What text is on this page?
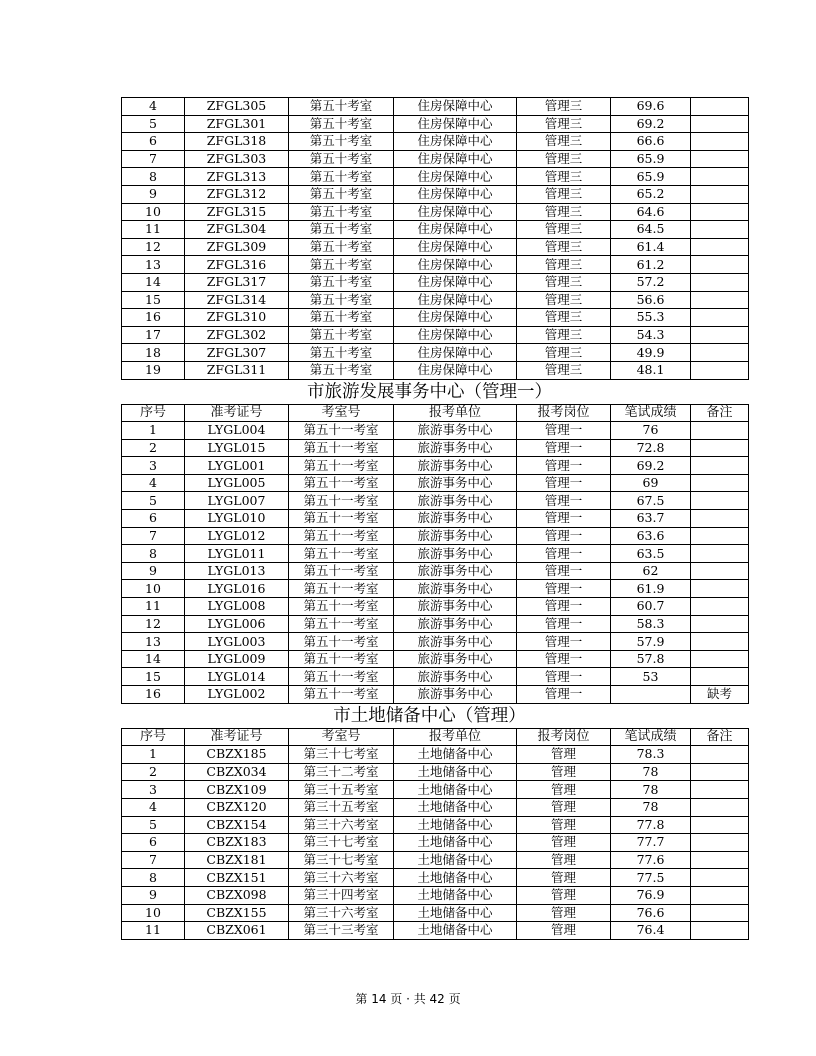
4	ZFGL305	第五十考室	住房保障中心	管理三	69.6	
5	ZFGL301	第五十考室	住房保障中心	管理三	69.2	
6	ZFGL318	第五十考室	住房保障中心	管理三	66.6	
7	ZFGL303	第五十考室	住房保障中心	管理三	65.9	
8	ZFGL313	第五十考室	住房保障中心	管理三	65.9	
9	ZFGL312	第五十考室	住房保障中心	管理三	65.2	
10	ZFGL315	第五十考室	住房保障中心	管理三	64.6	
11	ZFGL304	第五十考室	住房保障中心	管理三	64.5	
12	ZFGL309	第五十考室	住房保障中心	管理三	61.4	
13	ZFGL316	第五十考室	住房保障中心	管理三	61.2	
14	ZFGL317	第五十考室	住房保障中心	管理三	57.2	
15	ZFGL314	第五十考室	住房保障中心	管理三	56.6	
16	ZFGL310	第五十考室	住房保障中心	管理三	55.3	
17	ZFGL302	第五十考室	住房保障中心	管理三	54.3	
18	ZFGL307	第五十考室	住房保障中心	管理三	49.9	
19	ZFGL311	第五十考室	住房保障中心	管理三	48.1	
市旅游发展事务中心（管理一）
序号	准考证号	考室号	报考单位	报考岗位	笔试成绩	备注
1	LYGL004	第五十一考室	旅游事务中心	管理一	76	
2	LYGL015	第五十一考室	旅游事务中心	管理一	72.8	
3	LYGL001	第五十一考室	旅游事务中心	管理一	69.2	
4	LYGL005	第五十一考室	旅游事务中心	管理一	69	
5	LYGL007	第五十一考室	旅游事务中心	管理一	67.5	
6	LYGL010	第五十一考室	旅游事务中心	管理一	63.7	
7	LYGL012	第五十一考室	旅游事务中心	管理一	63.6	
8	LYGL011	第五十一考室	旅游事务中心	管理一	63.5	
9	LYGL013	第五十一考室	旅游事务中心	管理一	62	
10	LYGL016	第五十一考室	旅游事务中心	管理一	61.9	
11	LYGL008	第五十一考室	旅游事务中心	管理一	60.7	
12	LYGL006	第五十一考室	旅游事务中心	管理一	58.3	
13	LYGL003	第五十一考室	旅游事务中心	管理一	57.9	
14	LYGL009	第五十一考室	旅游事务中心	管理一	57.8	
15	LYGL014	第五十一考室	旅游事务中心	管理一	53	
16	LYGL002	第五十一考室	旅游事务中心	管理一		缺考
市土地储备中心（管理）
序号	准考证号	考室号	报考单位	报考岗位	笔试成绩	备注
1	CBZX185	第三十七考室	土地储备中心	管理	78.3	
2	CBZX034	第三十二考室	土地储备中心	管理	78	
3	CBZX109	第三十五考室	土地储备中心	管理	78	
4	CBZX120	第三十五考室	土地储备中心	管理	78	
5	CBZX154	第三十六考室	土地储备中心	管理	77.8	
6	CBZX183	第三十七考室	土地储备中心	管理	77.7	
7	CBZX181	第三十七考室	土地储备中心	管理	77.6	
8	CBZX151	第三十六考室	土地储备中心	管理	77.5	
9	CBZX098	第三十四考室	土地储备中心	管理	76.9	
10	CBZX155	第三十六考室	土地储备中心	管理	76.6	
11	CBZX061	第三十三考室	土地储备中心	管理	76.4	
第 14 页 · 共 42 页
